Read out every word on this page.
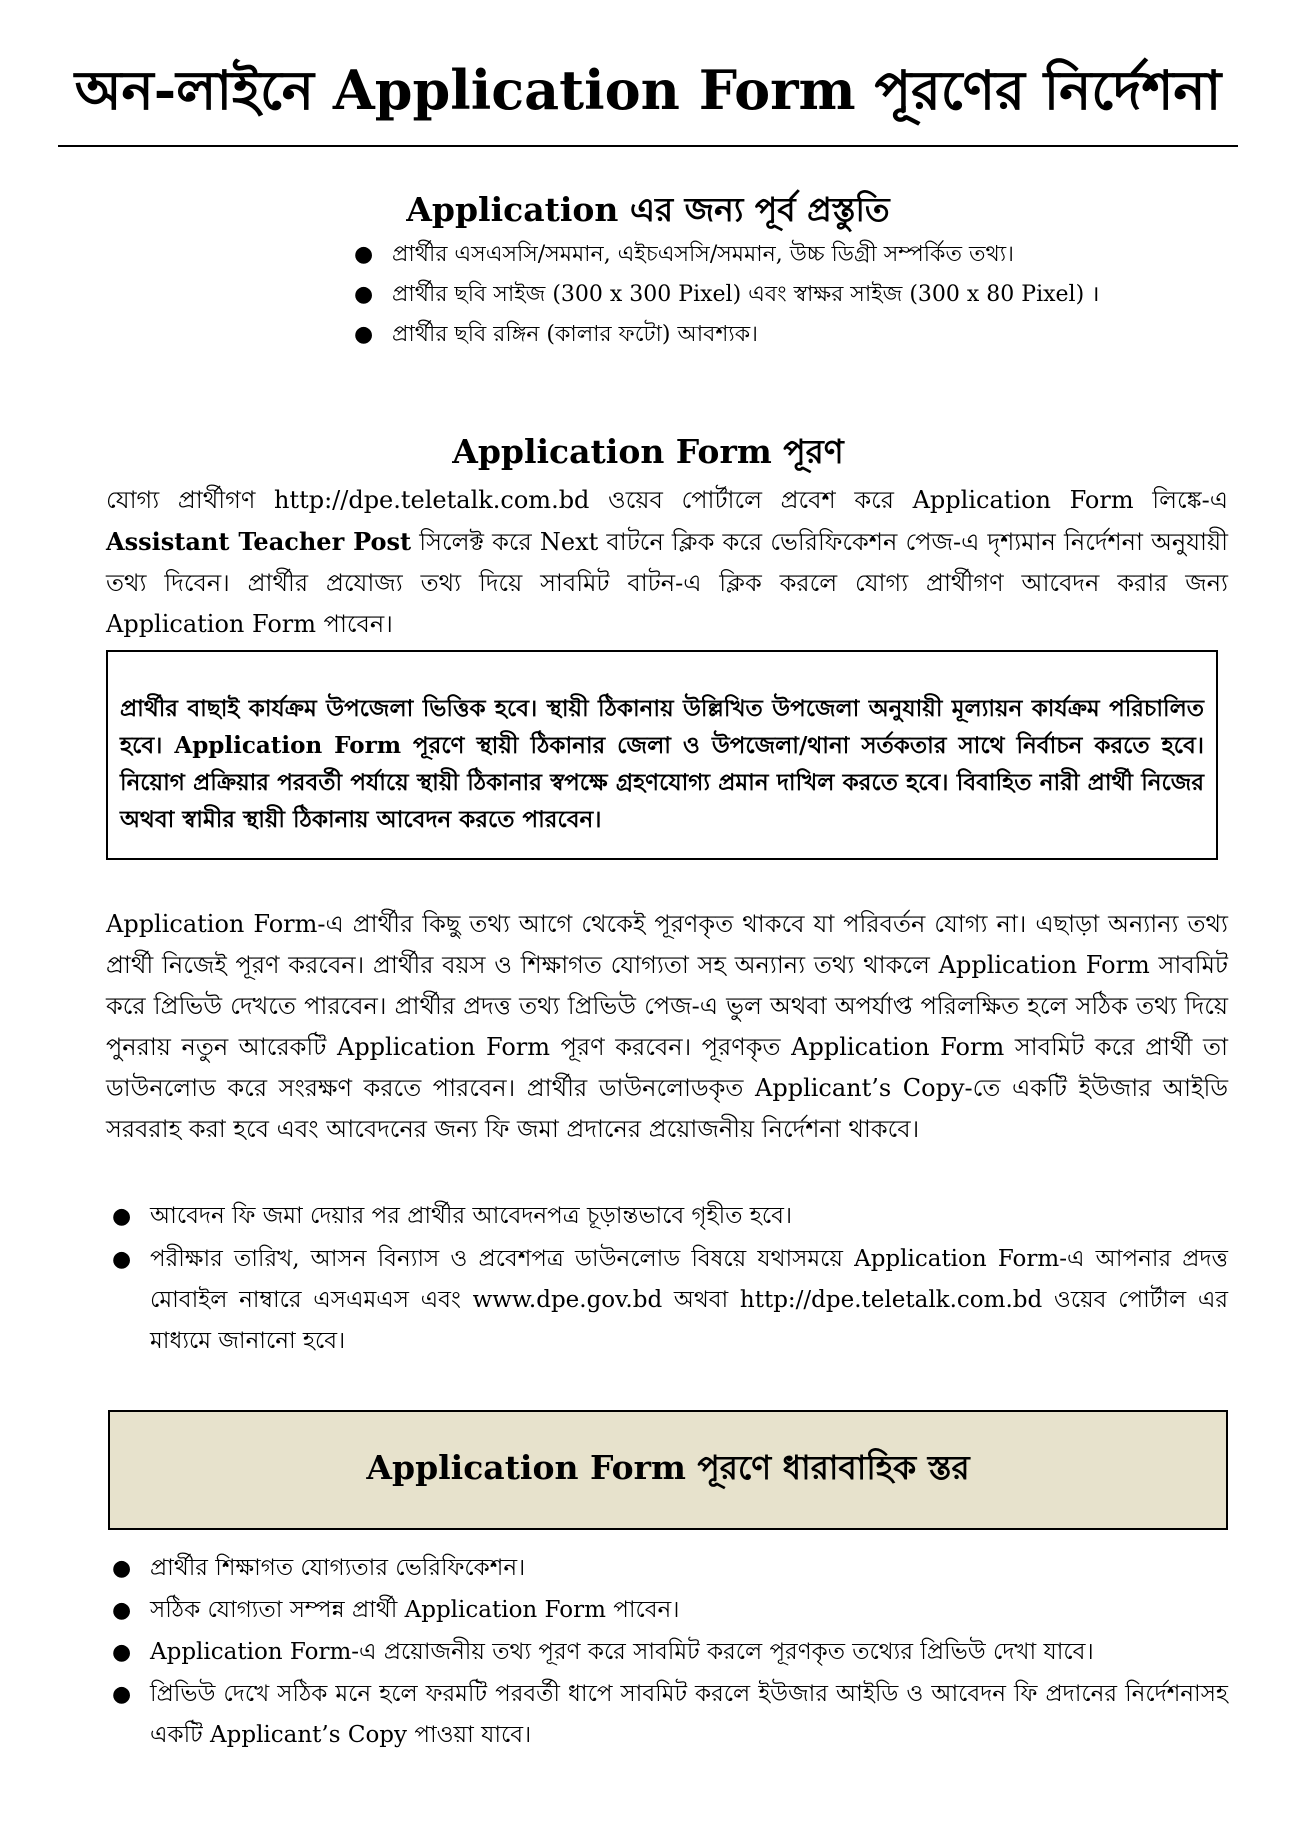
অন-লাইনে Application Form পূরণের নির্দেশনা
Application এর জন্য পূর্ব প্রস্তুতি
● প্রার্থীর এসএসসি/সমমান, এইচএসসি/সমমান, উচ্চ ডিগ্রী সম্পর্কিত তথ্য।
● প্রার্থীর ছবি সাইজ (300 x 300 Pixel) এবং স্বাক্ষর সাইজ (300 x 80 Pixel) ।
● প্রার্থীর ছবি রঙ্গিন (কালার ফটো) আবশ্যক।
Application Form পূরণ

যোগ্য প্রার্থীগণ http://dpe.teletalk.com.bd ওয়েব পোর্টালে প্রবেশ করে Application Form লিঙ্কে-এ Assistant Teacher Post সিলেক্ট করে Next বাটনে ক্লিক করে ভেরিফিকেশন পেজ-এ দৃশ্যমান নির্দেশনা অনুযায়ী তথ্য দিবেন। প্রার্থীর প্রযোজ্য তথ্য দিয়ে সাবমিট বাটন-এ ক্লিক করলে যোগ্য প্রার্থীগণ আবেদন করার জন্য Application Form পাবেন।

প্রার্থীর বাছাই কার্যক্রম উপজেলা ভিত্তিক হবে। স্থায়ী ঠিকানায় উল্লিখিত উপজেলা অনুযায়ী মূল্যায়ন কার্যক্রম পরিচালিত হবে। Application Form পূরণে স্থায়ী ঠিকানার জেলা ও উপজেলা/থানা সর্তকতার সাথে নির্বাচন করতে হবে। নিয়োগ প্রক্রিয়ার পরবর্তী পর্যায়ে স্থায়ী ঠিকানার স্বপক্ষে গ্রহণযোগ্য প্রমান দাখিল করতে হবে। বিবাহিত নারী প্রার্থী নিজের অথবা স্বামীর স্থায়ী ঠিকানায় আবেদন করতে পারবেন।

Application Form-এ প্রার্থীর কিছু তথ্য আগে থেকেই পূরণকৃত থাকবে যা পরিবর্তন যোগ্য না। এছাড়া অন্যান্য তথ্য প্রার্থী নিজেই পূরণ করবেন। প্রার্থীর বয়স ও শিক্ষাগত যোগ্যতা সহ অন্যান্য তথ্য থাকলে Application Form সাবমিট করে প্রিভিউ দেখতে পারবেন। প্রার্থীর প্রদত্ত তথ্য প্রিভিউ পেজ-এ ভুল অথবা অপর্যাপ্ত পরিলক্ষিত হলে সঠিক তথ্য দিয়ে পুনরায় নতুন আরেকটি Application Form পূরণ করবেন। পূরণকৃত Application Form সাবমিট করে প্রার্থী তা ডাউনলোড করে সংরক্ষণ করতে পারবেন। প্রার্থীর ডাউনলোডকৃত Applicant’s Copy-তে একটি ইউজার আইডি সরবরাহ করা হবে এবং আবেদনের জন্য ফি জমা প্রদানের প্রয়োজনীয় নির্দেশনা থাকবে।

● আবেদন ফি জমা দেয়ার পর প্রার্থীর আবেদনপত্র চূড়ান্তভাবে গৃহীত হবে।
● পরীক্ষার তারিখ, আসন বিন্যাস ও প্রবেশপত্র ডাউনলোড বিষয়ে যথাসময়ে Application Form-এ আপনার প্রদত্ত মোবাইল নাম্বারে এসএমএস এবং www.dpe.gov.bd অথবা http://dpe.teletalk.com.bd ওয়েব পোর্টাল এর মাধ্যমে জানানো হবে।
Application Form পূরণে ধারাবাহিক স্তর
● প্রার্থীর শিক্ষাগত যোগ্যতার ভেরিফিকেশন।
● সঠিক যোগ্যতা সম্পন্ন প্রার্থী Application Form পাবেন।
● Application Form-এ প্রয়োজনীয় তথ্য পূরণ করে সাবমিট করলে পূরণকৃত তথ্যের প্রিভিউ দেখা যাবে।
● প্রিভিউ দেখে সঠিক মনে হলে ফরমটি পরবর্তী ধাপে সাবমিট করলে ইউজার আইডি ও আবেদন ফি প্রদানের নির্দেশনাসহ একটি Applicant’s Copy পাওয়া যাবে।
